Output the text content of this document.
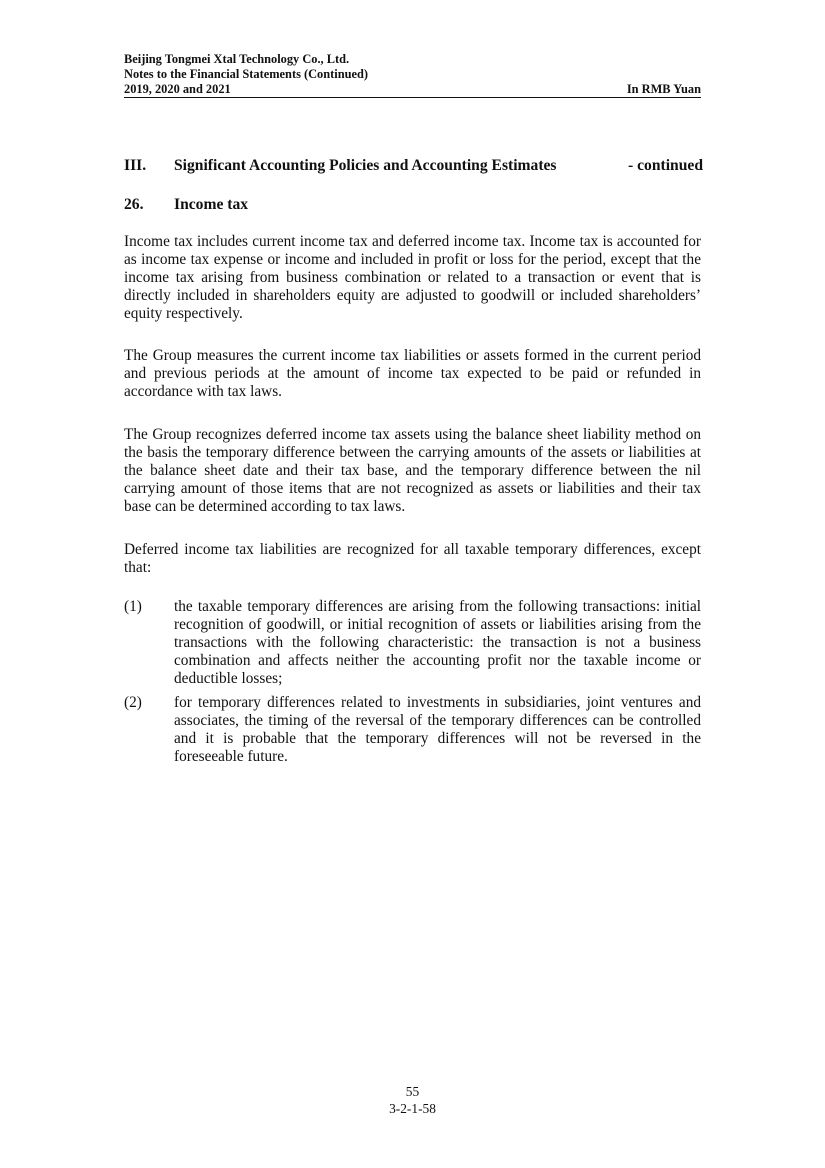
Beijing Tongmei Xtal Technology Co., Ltd.
Notes to the Financial Statements (Continued)
2019, 2020 and 2021	In RMB Yuan
III.	Significant Accounting Policies and Accounting Estimates	- continued
26.	Income tax

Income tax includes current income tax and deferred income tax. Income tax is accounted for as income tax expense or income and included in profit or loss for the period, except that the income tax arising from business combination or related to a transaction or event that is directly included in shareholders equity are adjusted to goodwill or included shareholders’ equity respectively.

The Group measures the current income tax liabilities or assets formed in the current period and previous periods at the amount of income tax expected to be paid or refunded in accordance with tax laws.

The Group recognizes deferred income tax assets using the balance sheet liability method on the basis the temporary difference between the carrying amounts of the assets or liabilities at the balance sheet date and their tax base, and the temporary difference between the nil carrying amount of those items that are not recognized as assets or liabilities and their tax base can be determined according to tax laws.

Deferred income tax liabilities are recognized for all taxable temporary differences, except that:

(1)	the taxable temporary differences are arising from the following transactions: initial recognition of goodwill, or initial recognition of assets or liabilities arising from the transactions with the following characteristic: the transaction is not a business combination and affects neither the accounting profit nor the taxable income or deductible losses;
(2)	for temporary differences related to investments in subsidiaries, joint ventures and associates, the timing of the reversal of the temporary differences can be controlled and it is probable that the temporary differences will not be reversed in the foreseeable future.
55
3-2-1-58
